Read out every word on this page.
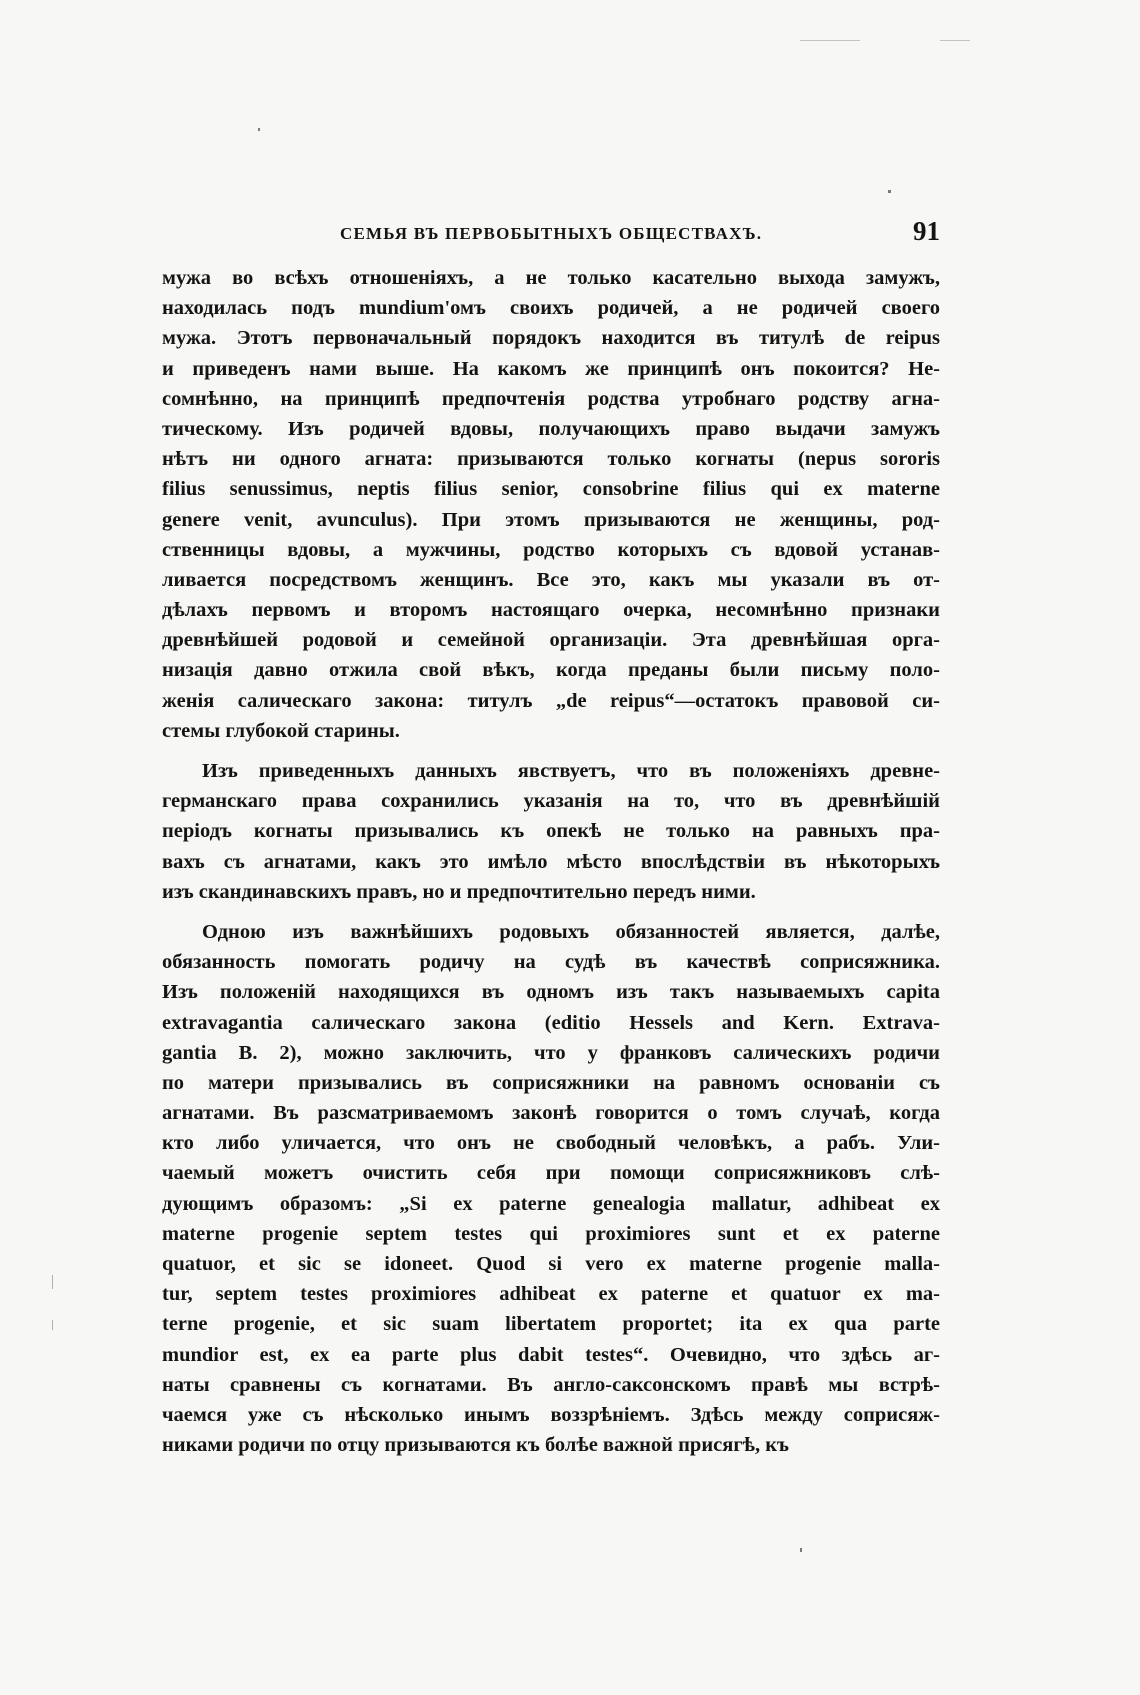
СЕМЬЯ ВЪ ПЕРВОБЫТНЫХЪ ОБЩЕСТВАХЪ.	91
мужа во всѣхъ отношеніяхъ, а не только касательно выхода замужъ,
находилась подъ mundium'омъ своихъ родичей, а не родичей своего
мужа. Этотъ первоначальный порядокъ находится въ титулѣ de reipus
и приведенъ нами выше. На какомъ же принципѣ онъ покоится? Не-
сомнѣнно, на принципѣ предпочтенія родства утробнаго родству агна-
тическому. Изъ родичей вдовы, получающихъ право выдачи замужъ
нѣтъ ни одного агната: призываются только когнаты (nepus sororis
filius senussimus, neptis filius senior, consobrine filius qui ex materne
genere venit, avunculus). При этомъ призываются не женщины, род-
ственницы вдовы, а мужчины, родство которыхъ съ вдовой устанав-
ливается посредствомъ женщинъ. Все это, какъ мы указали въ от-
дѣлахъ первомъ и второмъ настоящаго очерка, несомнѣнно признаки
древнѣйшей родовой и семейной организаціи. Эта древнѣйшая орга-
низація давно отжила свой вѣкъ, когда преданы были письму поло-
женія салическаго закона: титулъ „de reipus“—остатокъ правовой си-
стемы глубокой старины.
Изъ приведенныхъ данныхъ явствуетъ, что въ положеніяхъ древне-
германскаго права сохранились указанія на то, что въ древнѣйшій
періодъ когнаты призывались къ опекѣ не только на равныхъ пра-
вахъ съ агнатами, какъ это имѣло мѣсто впослѣдствіи въ нѣкоторыхъ
изъ скандинавскихъ правъ, но и предпочтительно передъ ними.
Одною изъ важнѣйшихъ родовыхъ обязанностей является, далѣе,
обязанность помогать родичу на судѣ въ качествѣ соприсяжника.
Изъ положеній находящихся въ одномъ изъ такъ называемыхъ capita
extravagantia салическаго закона (editio Hessels and Kern. Extrava-
gantia B. 2), можно заключить, что у франковъ салическихъ родичи
по матери призывались въ соприсяжники на равномъ основаніи съ
агнатами. Въ разсматриваемомъ законѣ говорится о томъ случаѣ, когда
кто либо уличается, что онъ не свободный человѣкъ, а рабъ. Ули-
чаемый можетъ очистить себя при помощи соприсяжниковъ слѣ-
дующимъ образомъ: „Si ex paterne genealogia mallatur, adhibeat ex
materne progenie septem testes qui proximiores sunt et ex paterne
quatuor, et sic se idoneet. Quod si vero ex materne progenie malla-
tur, septem testes proximiores adhibeat ex paterne et quatuor ex ma-
terne progenie, et sic suam libertatem proportet; ita ex qua parte
mundior est, ex ea parte plus dabit testes“. Очевидно, что здѣсь аг-
наты сравнены съ когнатами. Въ англо-саксонскомъ правѣ мы встрѣ-
чаемся уже съ нѣсколько инымъ воззрѣніемъ. Здѣсь между соприсяж-
никами родичи по отцу призываются къ болѣе важной присягѣ, къ
